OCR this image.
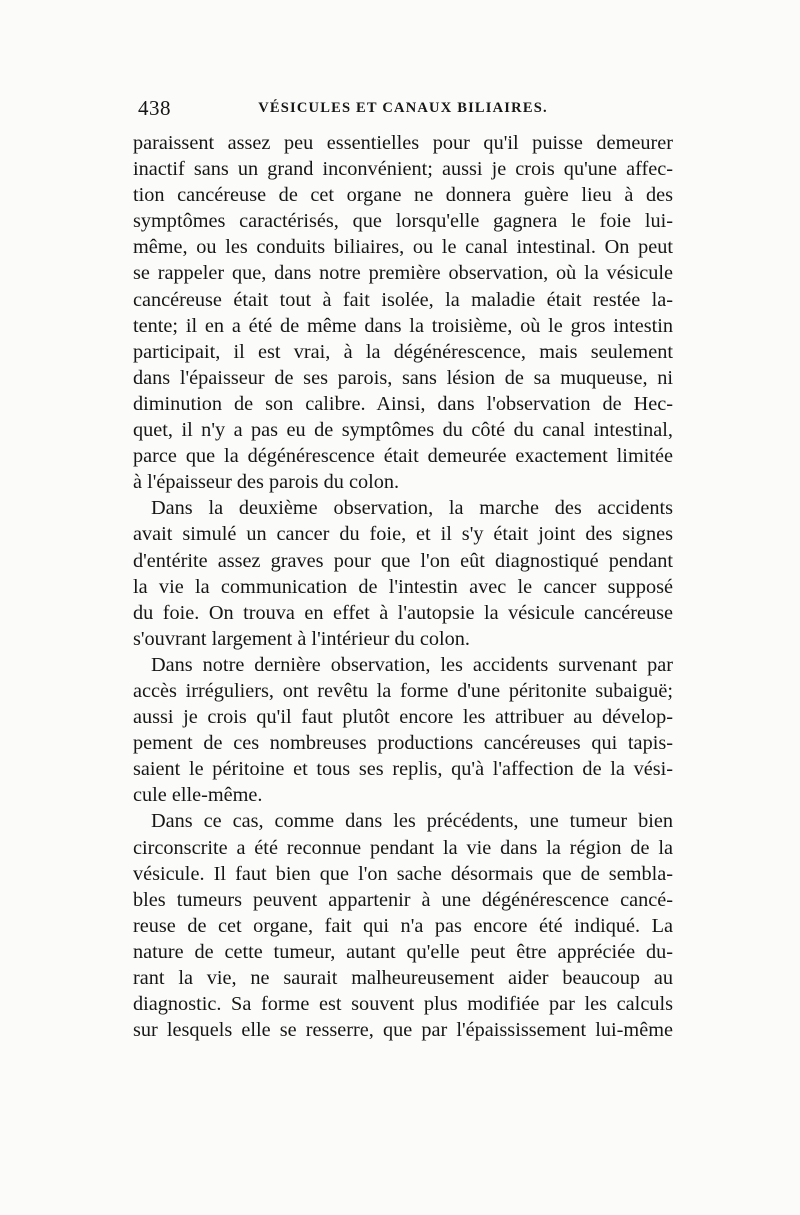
438	VÉSICULES ET CANAUX BILIAIRES.
paraissent assez peu essentielles pour qu'il puisse demeurer
inactif sans un grand inconvénient; aussi je crois qu'une affec-
tion cancéreuse de cet organe ne donnera guère lieu à des
symptômes caractérisés, que lorsqu'elle gagnera le foie lui-
même, ou les conduits biliaires, ou le canal intestinal. On peut
se rappeler que, dans notre première observation, où la vésicule
cancéreuse était tout à fait isolée, la maladie était restée la-
tente; il en a été de même dans la troisième, où le gros intestin
participait, il est vrai, à la dégénérescence, mais seulement
dans l'épaisseur de ses parois, sans lésion de sa muqueuse, ni
diminution de son calibre. Ainsi, dans l'observation de Hec-
quet, il n'y a pas eu de symptômes du côté du canal intestinal,
parce que la dégénérescence était demeurée exactement limitée
à l'épaisseur des parois du colon.
Dans la deuxième observation, la marche des accidents
avait simulé un cancer du foie, et il s'y était joint des signes
d'entérite assez graves pour que l'on eût diagnostiqué pendant
la vie la communication de l'intestin avec le cancer supposé
du foie. On trouva en effet à l'autopsie la vésicule cancéreuse
s'ouvrant largement à l'intérieur du colon.
Dans notre dernière observation, les accidents survenant par
accès irréguliers, ont revêtu la forme d'une péritonite subaiguë;
aussi je crois qu'il faut plutôt encore les attribuer au dévelop-
pement de ces nombreuses productions cancéreuses qui tapis-
saient le péritoine et tous ses replis, qu'à l'affection de la vési-
cule elle-même.
Dans ce cas, comme dans les précédents, une tumeur bien
circonscrite a été reconnue pendant la vie dans la région de la
vésicule. Il faut bien que l'on sache désormais que de sembla-
bles tumeurs peuvent appartenir à une dégénérescence cancé-
reuse de cet organe, fait qui n'a pas encore été indiqué. La
nature de cette tumeur, autant qu'elle peut être appréciée du-
rant la vie, ne saurait malheureusement aider beaucoup au
diagnostic. Sa forme est souvent plus modifiée par les calculs
sur lesquels elle se resserre, que par l'épaississement lui-même
